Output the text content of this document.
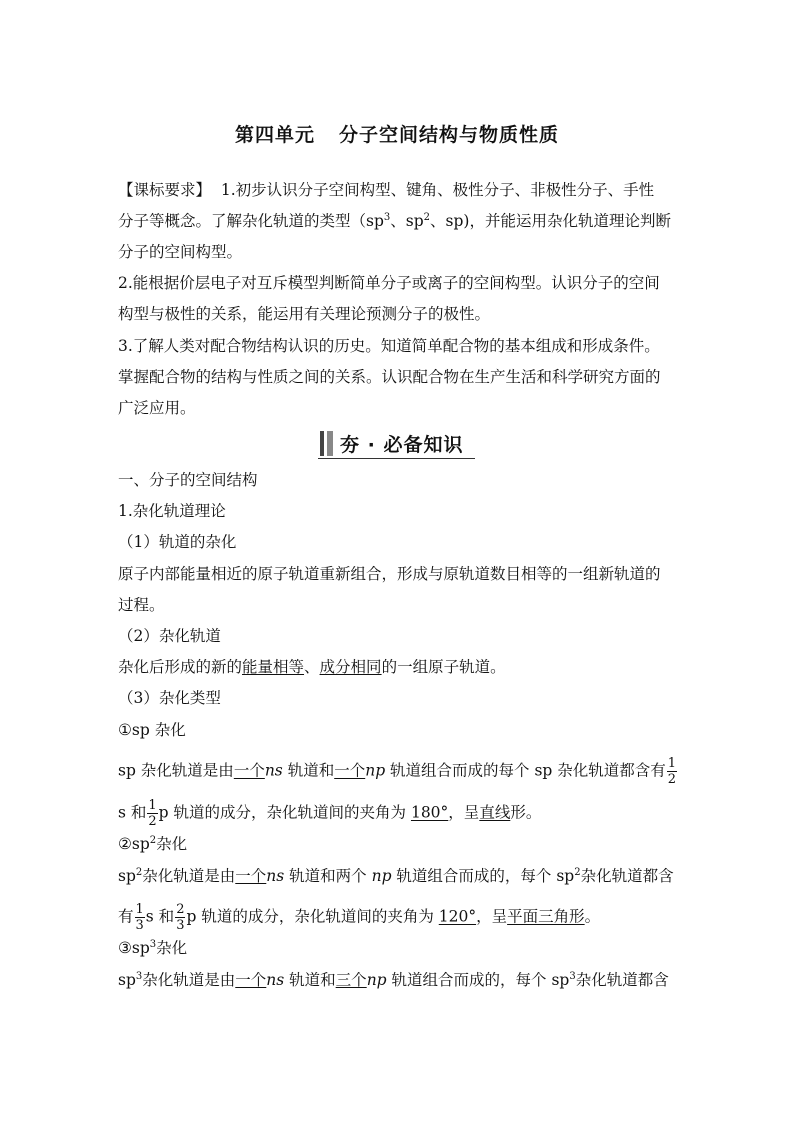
第四单元 分子空间结构与物质性质
【课标要求】 1.初步认识分子空间构型、键角、极性分子、非极性分子、手性
分子等概念。了解杂化轨道的类型（$sp^3$、$sp^2$、sp)，并能运用杂化轨道理论判断
分子的空间构型。
2.能根据价层电子对互斥模型判断简单分子或离子的空间构型。认识分子的空间
构型与极性的关系，能运用有关理论预测分子的极性。
3.了解人类对配合物结构认识的历史。知道简单配合物的基本组成和形成条件。
掌握配合物的结构与性质之间的关系。认识配合物在生产生活和科学研究方面的
广泛应用。
夯 · 必备知识
一、分子的空间结构
1.杂化轨道理论
（1）轨道的杂化
原子内部能量相近的原子轨道重新组合，形成与原轨道数目相等的一组新轨道的
过程。
（2）杂化轨道
杂化后形成的新的能量相等、成分相同的一组原子轨道。
（3）杂化类型
①sp 杂化
sp 杂化轨道是由一个ns 轨道和一个np 轨道组合而成的每个 sp 杂化轨道都含有 $\frac{1}{2}$
s 和 $\frac{1}{2}$ p 轨道的成分，杂化轨道间的夹角为 180°，呈直线形。
$②sp^2$杂化
$sp^2$杂化轨道是由一个ns 轨道和两个 np 轨道组合而成的，每个 $sp^2$杂化轨道都含
有 $\frac{1}{3}$ s 和 $\frac{2}{3}$ p 轨道的成分，杂化轨道间的夹角为 120°，呈平面三角形。
$③sp^3$杂化
$sp^3$杂化轨道是由一个ns 轨道和三个np 轨道组合而成的，每个 $sp^3$杂化轨道都含
